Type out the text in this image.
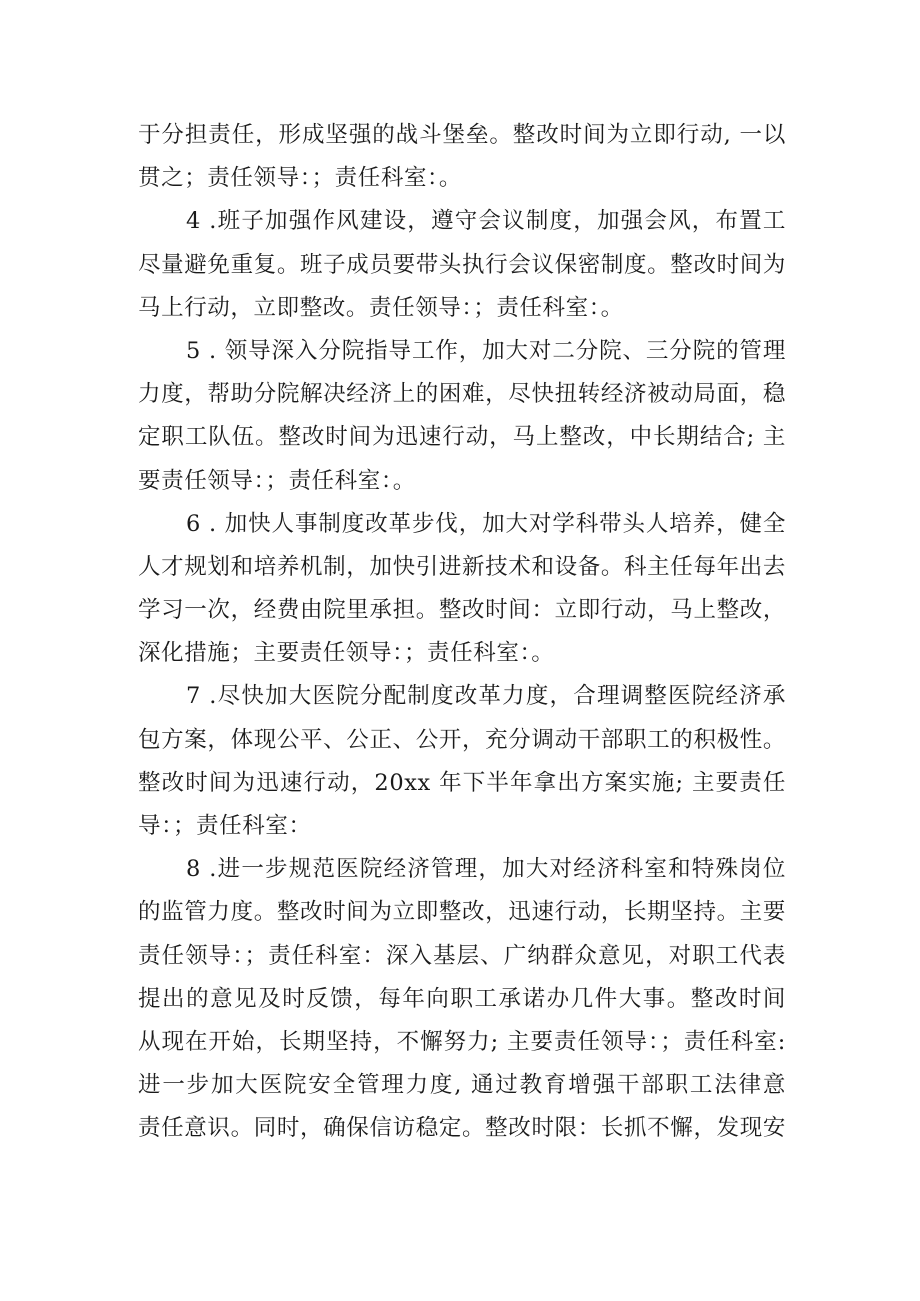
于分担责任，形成坚强的战斗堡垒。整改时间为立即行动, 一以
贯之；责任领导：；责任科室：。
4 .班子加强作风建设，遵守会议制度，加强会风，布置工
尽量避免重复。班子成员要带头执行会议保密制度。整改时间为
马上行动，立即整改。责任领导：；责任科室：。
5 . 领导深入分院指导工作，加大对二分院、三分院的管理
力度，帮助分院解决经济上的困难，尽快扭转经济被动局面，稳
定职工队伍。整改时间为迅速行动，马上整改，中长期结合; 主
要责任领导：；责任科室：。
6 . 加快人事制度改革步伐，加大对学科带头人培养，健全
人才规划和培养机制，加快引进新技术和设备。科主任每年出去
学习一次，经费由院里承担。整改时间：立即行动，马上整改，
深化措施；主要责任领导：；责任科室：。
7 .尽快加大医院分配制度改革力度，合理调整医院经济承
包方案，体现公平、公正、公开，充分调动干部职工的积极性。
整改时间为迅速行动，20xx 年下半年拿出方案实施; 主要责任
导：；责任科室：
8 .进一步规范医院经济管理，加大对经济科室和特殊岗位
的监管力度。整改时间为立即整改，迅速行动，长期坚持。主要
责任领导：；责任科室：深入基层、广纳群众意见，对职工代表
提出的意见及时反馈，每年向职工承诺办几件大事。整改时间
从现在开始，长期坚持，不懈努力; 主要责任领导：；责任科室:
进一步加大医院安全管理力度, 通过教育增强干部职工法律意
责任意识。同时，确保信访稳定。整改时限：长抓不懈，发现安
